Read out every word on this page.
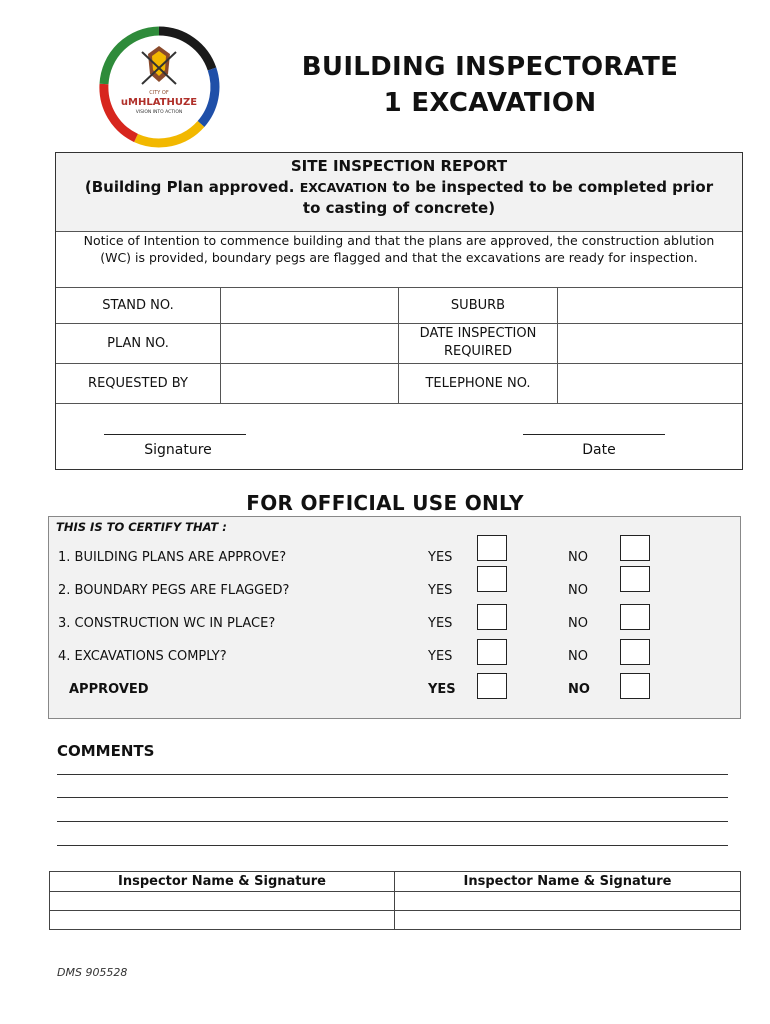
CITY OF
uMHLATHUZE
VISION INTO ACTION
BUILDING INSPECTORATE
1 EXCAVATION
SITE INSPECTION REPORT
(Building Plan approved. EXCAVATION to be inspected to be completed prior
to casting of concrete)
Notice of Intention to commence building and that the plans are approved, the construction ablution (WC) is provided, boundary pegs are flagged and that the excavations are ready for inspection.
STAND NO.		SUBURB	
PLAN NO.		DATE INSPECTION
REQUIRED	

REQUESTED BY		TELEPHONE NO.	
Signature	Date
FOR OFFICIAL USE ONLY
THIS IS TO CERTIFY THAT :
1. BUILDING PLANS ARE APPROVE?	YES	NO
2. BOUNDARY PEGS ARE FLAGGED?	YES	NO
3. CONSTRUCTION WC IN PLACE?	YES	NO
4. EXCAVATIONS COMPLY?	YES	NO
APPROVED	YES	NO
COMMENTS
Inspector Name & Signature	Inspector Name & Signature

DMS 905528
